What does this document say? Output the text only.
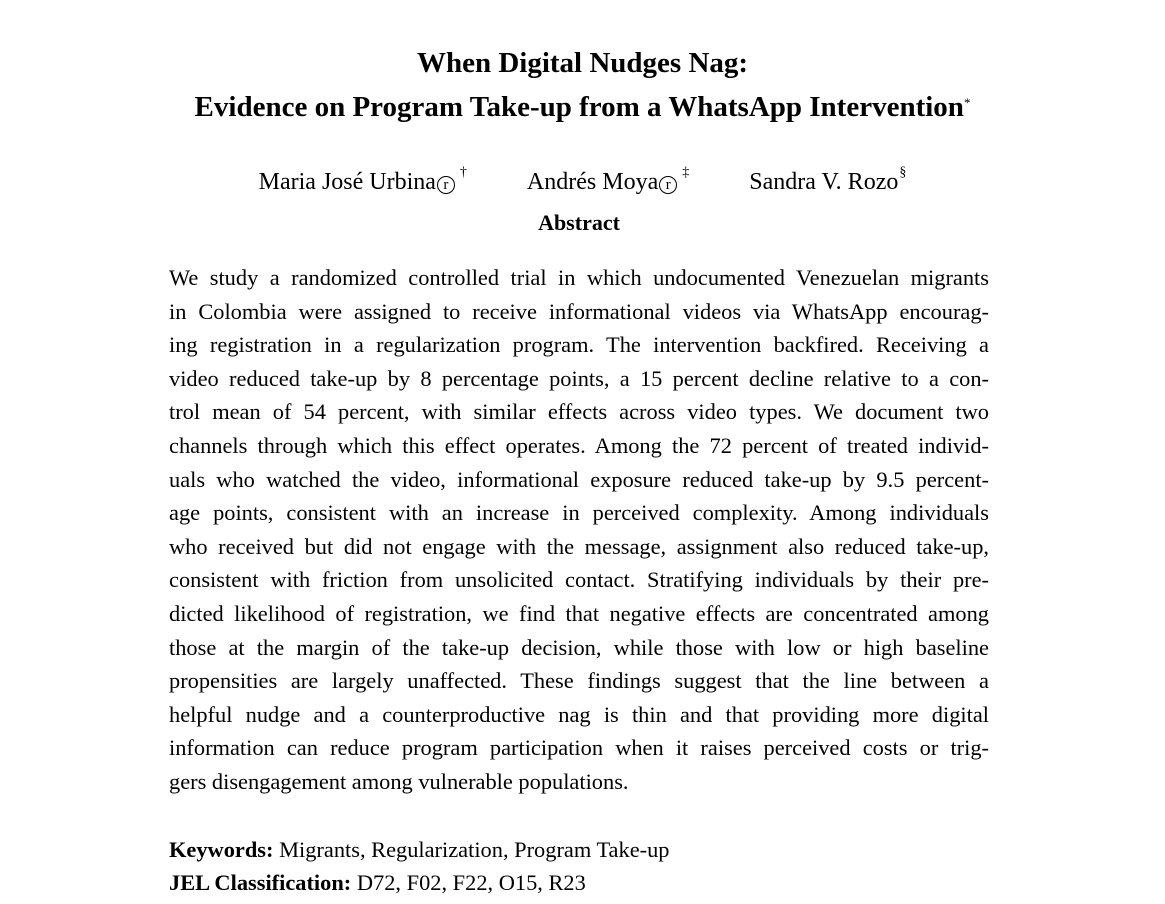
When Digital Nudges Nag:
Evidence on Program Take-up from a WhatsApp Intervention*
Maria José Urbina r†	Andrés Moya r‡	Sandra V. Rozo§
Abstract
We study a randomized controlled trial in which undocumented Venezuelan migrants
in Colombia were assigned to receive informational videos via WhatsApp encourag-
ing registration in a regularization program. The intervention backfired. Receiving a
video reduced take-up by 8 percentage points, a 15 percent decline relative to a con-
trol mean of 54 percent, with similar effects across video types. We document two
channels through which this effect operates. Among the 72 percent of treated individ-
uals who watched the video, informational exposure reduced take-up by 9.5 percent-
age points, consistent with an increase in perceived complexity. Among individuals
who received but did not engage with the message, assignment also reduced take-up,
consistent with friction from unsolicited contact. Stratifying individuals by their pre-
dicted likelihood of registration, we find that negative effects are concentrated among
those at the margin of the take-up decision, while those with low or high baseline
propensities are largely unaffected. These findings suggest that the line between a
helpful nudge and a counterproductive nag is thin and that providing more digital
information can reduce program participation when it raises perceived costs or trig-
gers disengagement among vulnerable populations.
Keywords: Migrants, Regularization, Program Take-up
JEL Classification: D72, F02, F22, O15, R23
